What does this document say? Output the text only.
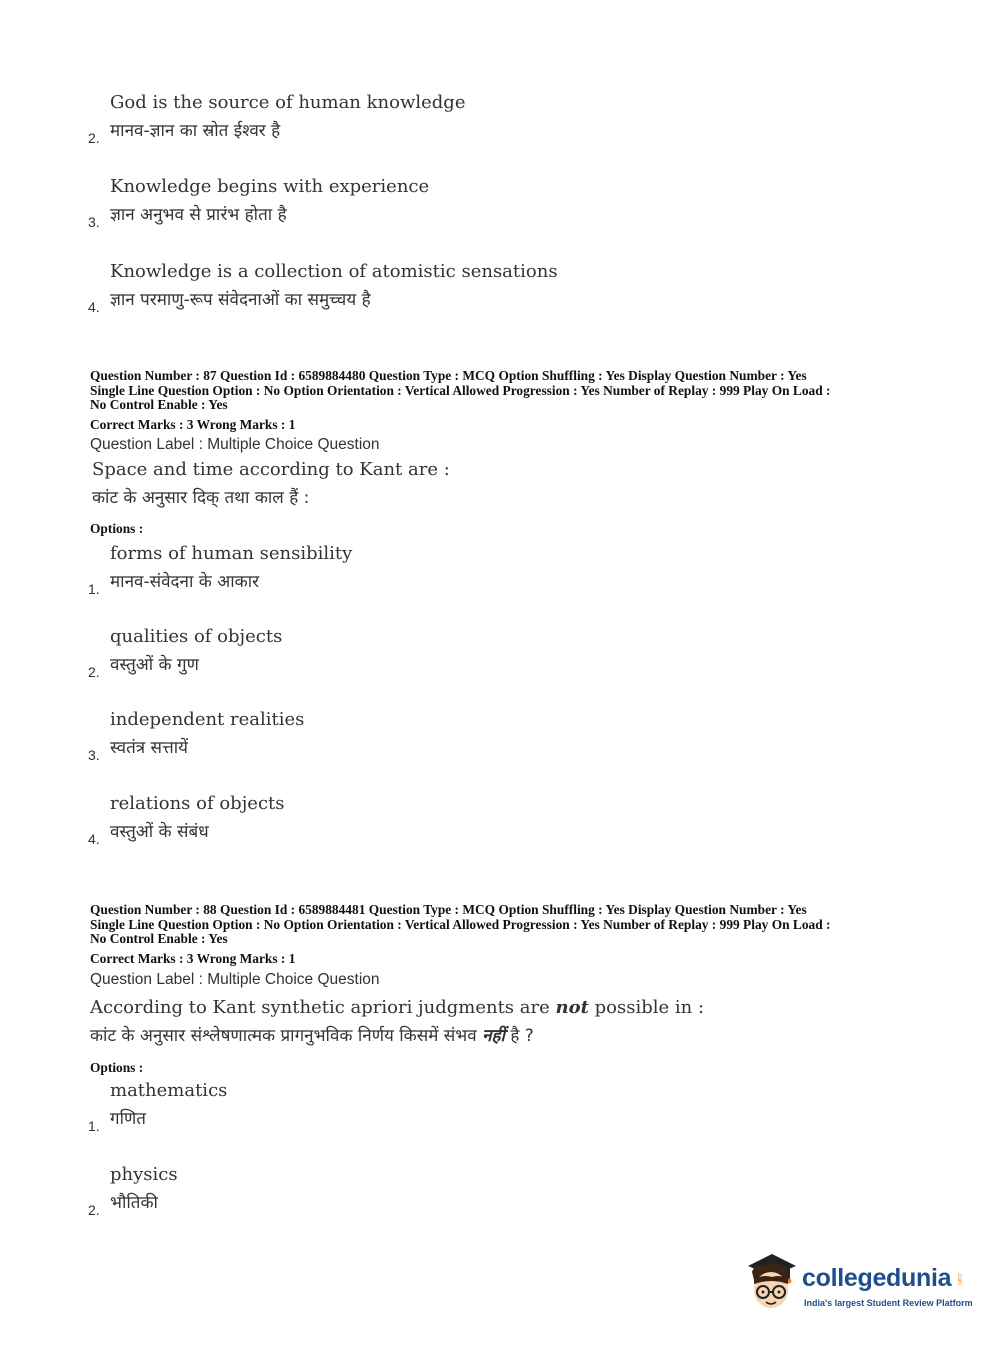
God is the source of human knowledge
मानव-ज्ञान का स्रोत ईश्वर है
2.
Knowledge begins with experience
ज्ञान अनुभव से प्रारंभ होता है
3.
Knowledge is a collection of atomistic sensations
ज्ञान परमाणु-रूप संवेदनाओं का समुच्चय है
4.
Question Number : 87 Question Id : 6589884480 Question Type : MCQ Option Shuffling : Yes Display Question Number : Yes
Single Line Question Option : No Option Orientation : Vertical Allowed Progression : Yes Number of Replay : 999 Play On Load :
No Control Enable : Yes
Correct Marks : 3 Wrong Marks : 1
Question Label : Multiple Choice Question
Space and time according to Kant are :
कांट के अनुसार दिक् तथा काल हैं :
Options :
forms of human sensibility
मानव-संवेदना के आकार
1.
qualities of objects
वस्तुओं के गुण
2.
independent realities
स्वतंत्र सत्तायें
3.
relations of objects
वस्तुओं के संबंध
4.
Question Number : 88 Question Id : 6589884481 Question Type : MCQ Option Shuffling : Yes Display Question Number : Yes
Single Line Question Option : No Option Orientation : Vertical Allowed Progression : Yes Number of Replay : 999 Play On Load :
No Control Enable : Yes
Correct Marks : 3 Wrong Marks : 1
Question Label : Multiple Choice Question
According to Kant synthetic apriori judgments are not possible in :
कांट के अनुसार संश्लेषणात्मक प्रागनुभविक निर्णय किसमें संभव नहीं है ?
Options :
mathematics
गणित
1.
physics
भौतिकी
2.
collegedunia .com
India's largest Student Review Platform
